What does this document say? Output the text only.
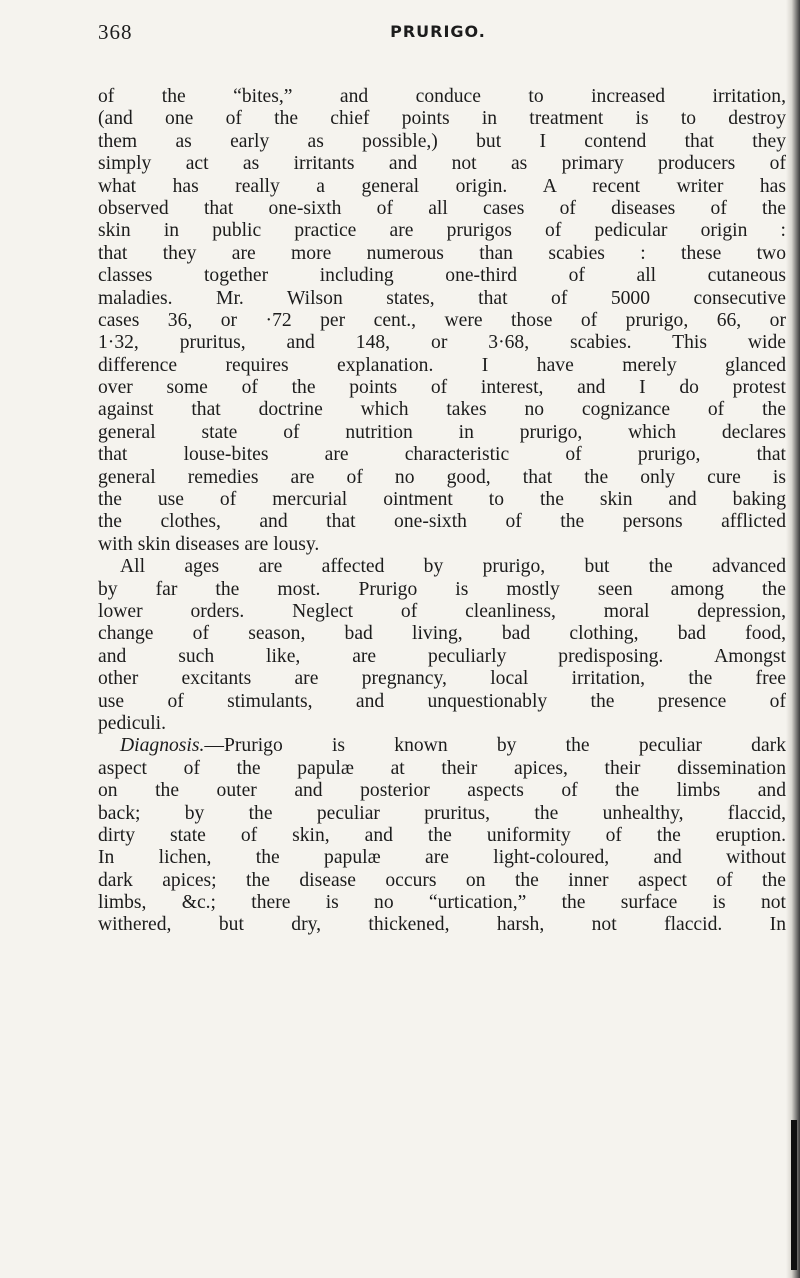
368	PRURIGO.
of the “bites,” and conduce to increased irritation,
(and one of the chief points in treatment is to destroy
them as early as possible,) but I contend that they
simply act as irritants and not as primary producers of
what has really a general origin. A recent writer has
observed that one-sixth of all cases of diseases of the
skin in public practice are prurigos of pedicular origin :
that they are more numerous than scabies : these two
classes together including one-third of all cutaneous
maladies. Mr. Wilson states, that of 5000 consecutive
cases 36, or ·72 per cent., were those of prurigo, 66, or
1·32, pruritus, and 148, or 3·68, scabies. This wide
difference requires explanation. I have merely glanced
over some of the points of interest, and I do protest
against that doctrine which takes no cognizance of the
general state of nutrition in prurigo, which declares
that louse-bites are characteristic of prurigo, that
general remedies are of no good, that the only cure is
the use of mercurial ointment to the skin and baking
the clothes, and that one-sixth of the persons afflicted
with skin diseases are lousy.
All ages are affected by prurigo, but the advanced
by far the most. Prurigo is mostly seen among the
lower orders. Neglect of cleanliness, moral depression,
change of season, bad living, bad clothing, bad food,
and such like, are peculiarly predisposing. Amongst
other excitants are pregnancy, local irritation, the free
use of stimulants, and unquestionably the presence of
pediculi.
Diagnosis.—Prurigo is known by the peculiar dark
aspect of the papulæ at their apices, their dissemination
on the outer and posterior aspects of the limbs and
back; by the peculiar pruritus, the unhealthy, flaccid,
dirty state of skin, and the uniformity of the eruption.
In lichen, the papulæ are light-coloured, and without
dark apices; the disease occurs on the inner aspect of the
limbs, &c.; there is no “urtication,” the surface is not
withered, but dry, thickened, harsh, not flaccid. In
